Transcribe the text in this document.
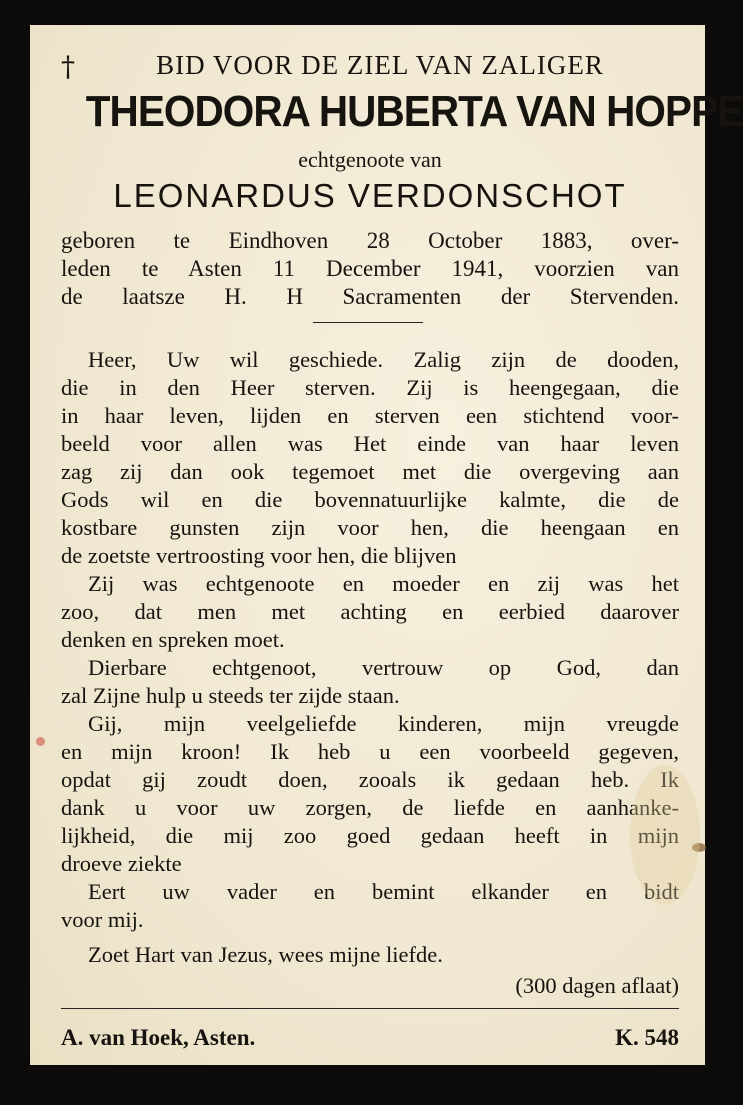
†	BID VOOR DE ZIEL VAN ZALIGER
THEODORA HUBERTA VAN HOPPE
echtgenoote van
LEONARDUS VERDONSCHOT
geboren te Eindhoven 28 October 1883, over-
leden te Asten 11 December 1941, voorzien van
de laatsze H. H Sacramenten der Stervenden.
Heer, Uw wil geschiede. Zalig zijn de dooden,
die in den Heer sterven. Zij is heengegaan, die
in haar leven, lijden en sterven een stichtend voor-
beeld voor allen was Het einde van haar leven
zag zij dan ook tegemoet met die overgeving aan
Gods wil en die bovennatuurlijke kalmte, die de
kostbare gunsten zijn voor hen, die heengaan en
de zoetste vertroosting voor hen, die blijven
Zij was echtgenoote en moeder en zij was het
zoo, dat men met achting en eerbied daarover
denken en spreken moet.
Dierbare echtgenoot, vertrouw op God, dan
zal Zijne hulp u steeds ter zijde staan.
Gij, mijn veelgeliefde kinderen, mijn vreugde
en mijn kroon! Ik heb u een voorbeeld gegeven,
opdat gij zoudt doen, zooals ik gedaan heb. Ik
dank u voor uw zorgen, de liefde en aanhanke-
lijkheid, die mij zoo goed gedaan heeft in mijn
droeve ziekte
Eert uw vader en bemint elkander en bidt
voor mij.
Zoet Hart van Jezus, wees mijne liefde.
(300 dagen aflaat)
A. van Hoek, Asten.	K. 548
